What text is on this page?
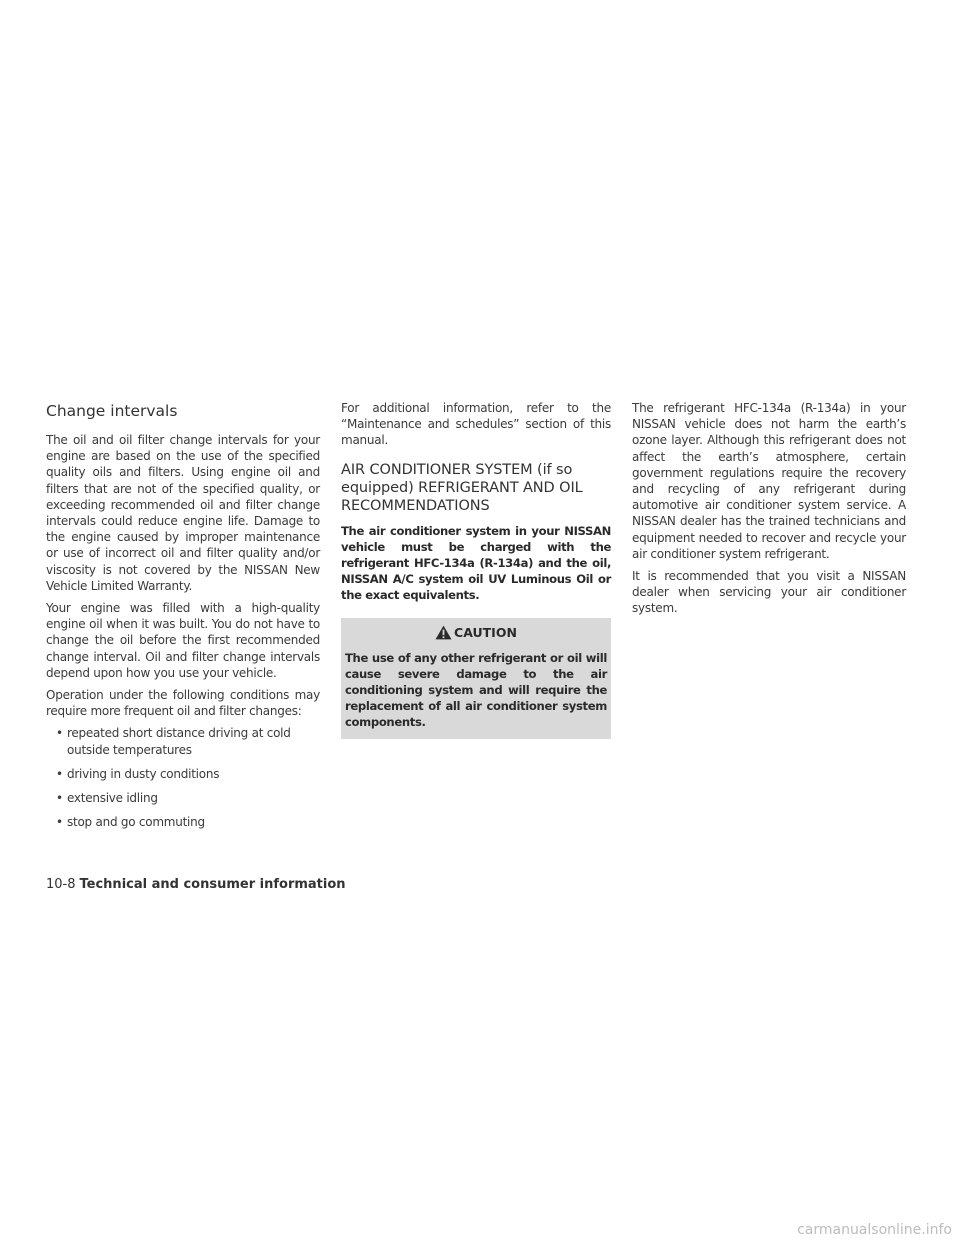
Change intervals

The oil and oil filter change intervals for your engine are based on the use of the specified quality oils and filters. Using engine oil and filters that are not of the specified quality, or exceeding recommended oil and filter change intervals could reduce engine life. Damage to the engine caused by improper maintenance or use of incorrect oil and filter quality and/or viscosity is not covered by the NISSAN New Vehicle Limited Warranty.

Your engine was filled with a high-quality engine oil when it was built. You do not have to change the oil before the first recommended change interval. Oil and filter change intervals depend upon how you use your vehicle.

Operation under the following conditions may require more frequent oil and filter changes:

• repeated short distance driving at cold outside temperatures
• driving in dusty conditions
• extensive idling
• stop and go commuting

For additional information, refer to the “Maintenance and schedules” section of this manual.

AIR CONDITIONER SYSTEM (if so equipped) REFRIGERANT AND OIL RECOMMENDATIONS

The air conditioner system in your NISSAN vehicle must be charged with the refrigerant HFC-134a (R-134a) and the oil, NISSAN A/C system oil UV Luminous Oil or the exact equivalents.

CAUTION

The use of any other refrigerant or oil will cause severe damage to the air conditioning system and will require the replacement of all air conditioner system components.

The refrigerant HFC-134a (R-134a) in your NISSAN vehicle does not harm the earth’s ozone layer. Although this refrigerant does not affect the earth’s atmosphere, certain government regulations require the recovery and recycling of any refrigerant during automotive air conditioner system service. A NISSAN dealer has the trained technicians and equipment needed to recover and recycle your air conditioner system refrigerant.

It is recommended that you visit a NISSAN dealer when servicing your air conditioner system.

10-8 Technical and consumer information
carmanualsonline.info
